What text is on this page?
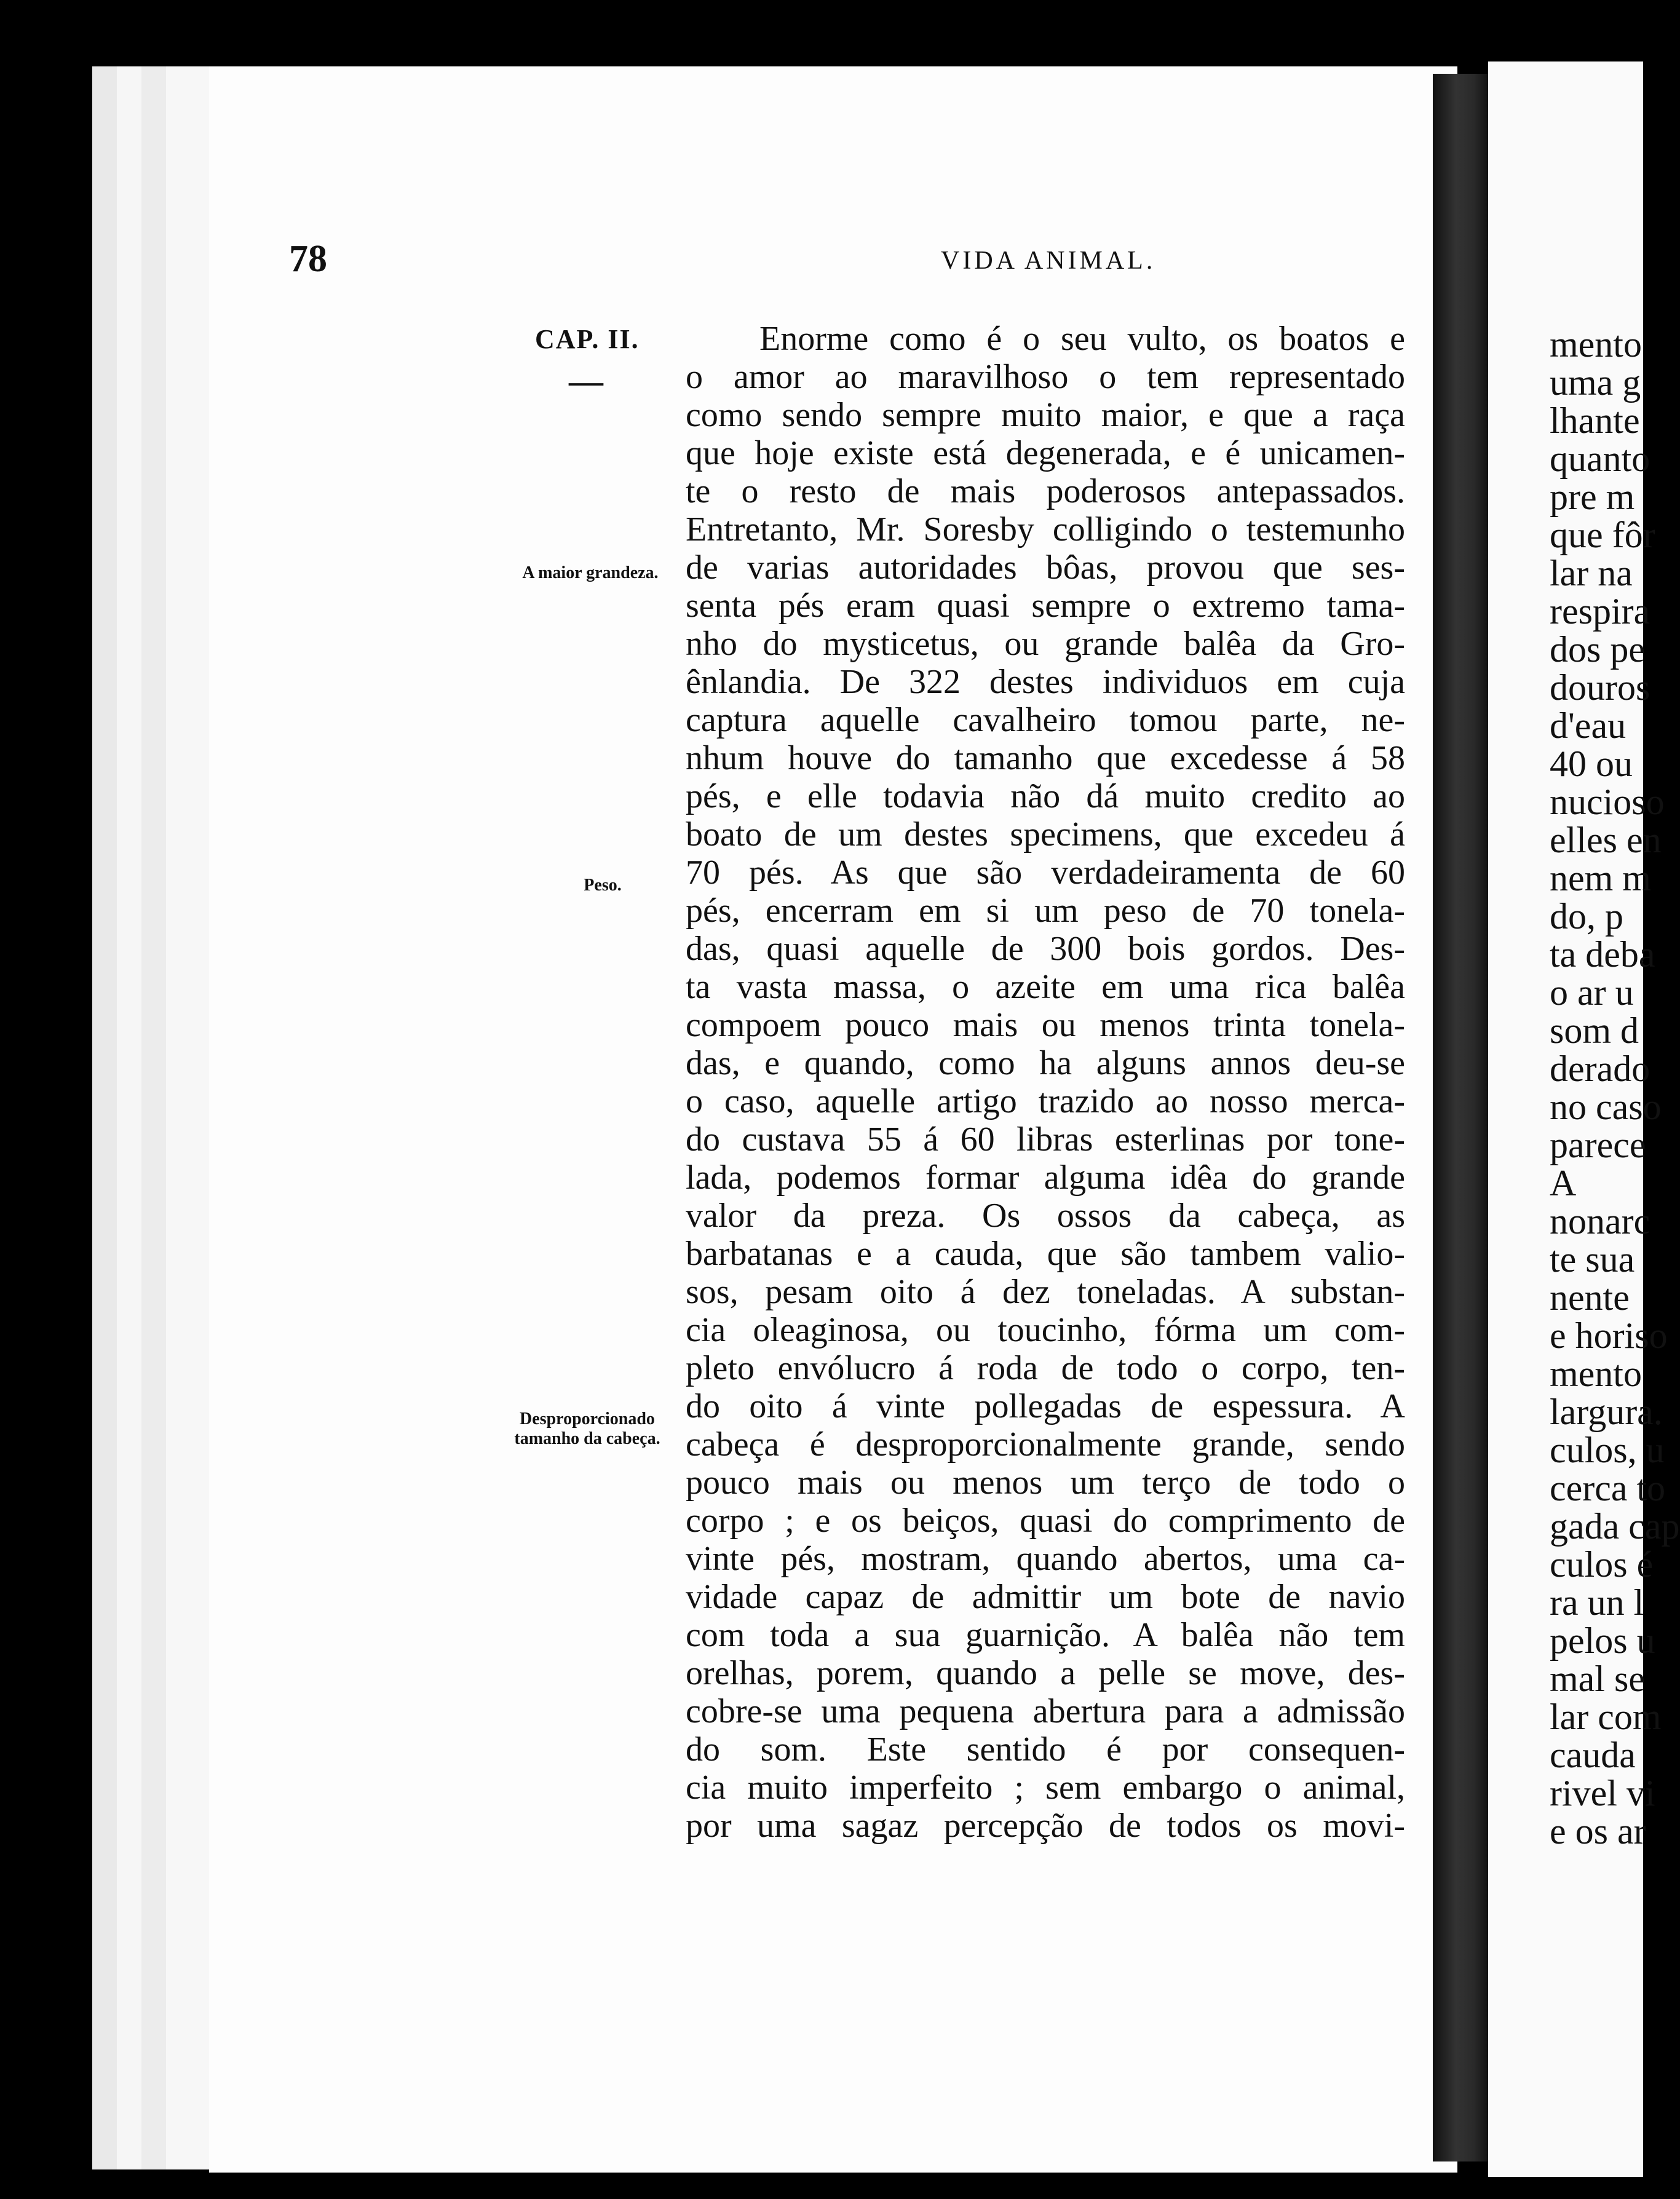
78	VIDA ANIMAL.
CAP. II.
—
A maior grandeza.
Peso.
Desproporcionado tamanho da cabeça.
Enorme como é o seu vulto, os boatos e
o amor ao maravilhoso o tem representado
como sendo sempre muito maior, e que a raça
que hoje existe está degenerada, e é unicamen-
te o resto de mais poderosos antepassados.
Entretanto, Mr. Soresby colligindo o testemunho
de varias autoridades bôas, provou que ses-
senta pés eram quasi sempre o extremo tama-
nho do mysticetus, ou grande balêa da Gro-
ênlandia. De 322 destes individuos em cuja
captura aquelle cavalheiro tomou parte, ne-
nhum houve do tamanho que excedesse á 58
pés, e elle todavia não dá muito credito ao
boato de um destes specimens, que excedeu á
70 pés. As que são verdadeiramenta de 60
pés, encerram em si um peso de 70 tonela-
das, quasi aquelle de 300 bois gordos. Des-
ta vasta massa, o azeite em uma rica balêa
compoem pouco mais ou menos trinta tonela-
das, e quando, como ha alguns annos deu-se
o caso, aquelle artigo trazido ao nosso merca-
do custava 55 á 60 libras esterlinas por tone-
lada, podemos formar alguma idêa do grande
valor da preza. Os ossos da cabeça, as
barbatanas e a cauda, que são tambem valio-
sos, pesam oito á dez toneladas. A substan-
cia oleaginosa, ou toucinho, fórma um com-
pleto envólucro á roda de todo o corpo, ten-
do oito á vinte pollegadas de espessura. A
cabeça é desproporcionalmente grande, sendo
pouco mais ou menos um terço de todo o
corpo ; e os beiços, quasi do comprimento de
vinte pés, mostram, quando abertos, uma ca-
vidade capaz de admittir um bote de navio
com toda a sua guarnição. A balêa não tem
orelhas, porem, quando a pelle se move, des-
cobre-se uma pequena abertura para a admissão
do som. Este sentido é por consequen-
cia muito imperfeito ; sem embargo o animal,
por uma sagaz percepção de todos os movi-
mento
uma g
lhante
quanto
pre m
que fôr
lar na
respira
dos pe
douros
d'eau
40 ou
nucioso
elles en
nem m
do, p
ta deba
o ar u
som d
derado
no caso
parece
A
nonarc
te sua
nente
e horiso
mento
largura.
culos, u
cerca to
gada cap
culos é
ra un l
pelos u
mal se
lar com
cauda
rivel vi
e os ar
